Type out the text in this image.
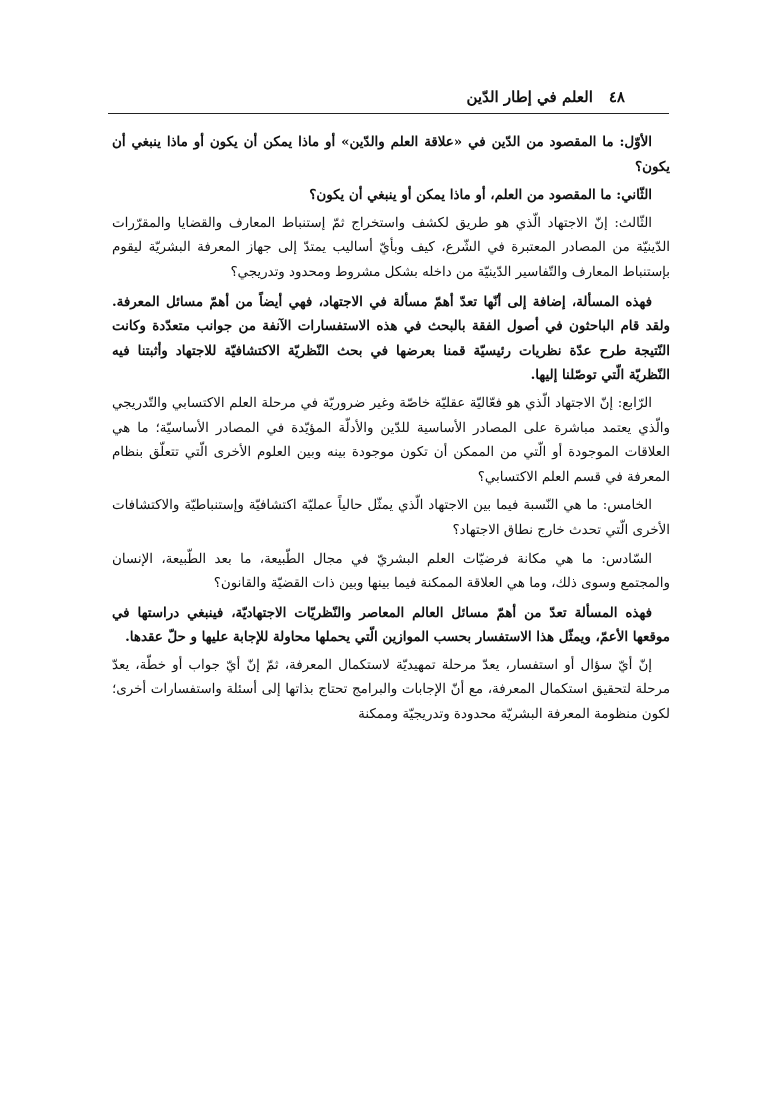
٤٨العلم في إطار الدّين

الأوّل: ما المقصود من الدّين في «علاقة العلم والدّين» أو ماذا يمكن أن يكون أو ماذا ينبغي أن يكون؟

الثّاني: ما المقصود من العلم، أو ماذا يمكن أو ينبغي أن يكون؟

الثّالث: إنّ الاجتهاد الّذي هو طريق لكشف واستخراج ثمّ إستنباط المعارف والقضايا والمقرّرات الدّينيّة من المصادر المعتبرة في الشّرع، كيف وبأيّ أساليب يمتدّ إلى جهاز المعرفة البشريّة ليقوم بإستنباط المعارف والتّفاسير الدّينيّة من داخله بشكل مشروط ومحدود وتدريجي؟

فهذه المسألة، إضافة إلى أنّها تعدّ أهمّ مسألة في الاجتهاد، فهي أيضاً من أهمّ مسائل المعرفة. ولقد قام الباحثون في أصول الفقة بالبحث في هذه الاستفسارات الآنفة من جوانب متعدّدة وكانت النّتيجة طرح عدّة نظريات رئيسيّة قمنا بعرضها في بحث النّظريّة الاكتشافيّة للاجتهاد وأثبتنا فيه النّظريّة الّتي توصّلنا إليها.

الرّابع: إنّ الاجتهاد الّذي هو فعّاليّة عقليّة خاصّة وغير ضروريّة في مرحلة العلم الاكتسابي والتّدريجي والّذي يعتمد مباشرة على المصادر الأساسية للدّين والأدلّة المؤيّدة في المصادر الأساسيّة؛ ما هي العلاقات الموجودة أو الّتي من الممكن أن تكون موجودة بينه وبين العلوم الأخرى الّتي تتعلّق بنظام المعرفة في قسم العلم الاكتسابي؟

الخامس: ما هي النّسبة فيما بين الاجتهاد الّذي يمثّل حالياً عمليّة اكتشافيّة وإستنباطيّة والاكتشافات الأخرى الّتي تحدث خارج نطاق الاجتهاد؟

السّادس: ما هي مكانة فرضيّات العلم البشريّ في مجال الطّبيعة، ما بعد الطّبيعة، الإنسان والمجتمع وسوى ذلك، وما هي العلاقة الممكنة فيما بينها وبين ذات القضيّة والقانون؟

فهذه المسألة تعدّ من أهمّ مسائل العالم المعاصر والنّظريّات الاجتهاديّة، فينبغي دراستها في موقعها الأعمّ، ويمثّل هذا الاستفسار بحسب الموازين الّتي يحملها محاولة للإجابة عليها و حلّ عقدها.

إنّ أيّ سؤال أو استفسار، يعدّ مرحلة تمهيديّة لاستكمال المعرفة، ثمّ إنّ أيّ جواب أو خطّة، يعدّ مرحلة لتحقيق استكمال المعرفة، مع أنّ الإجابات والبرامج تحتاج بذاتها إلى أسئلة واستفسارات أخرى؛ لكون منظومة المعرفة البشريّة محدودة وتدريجيّة وممكنة
